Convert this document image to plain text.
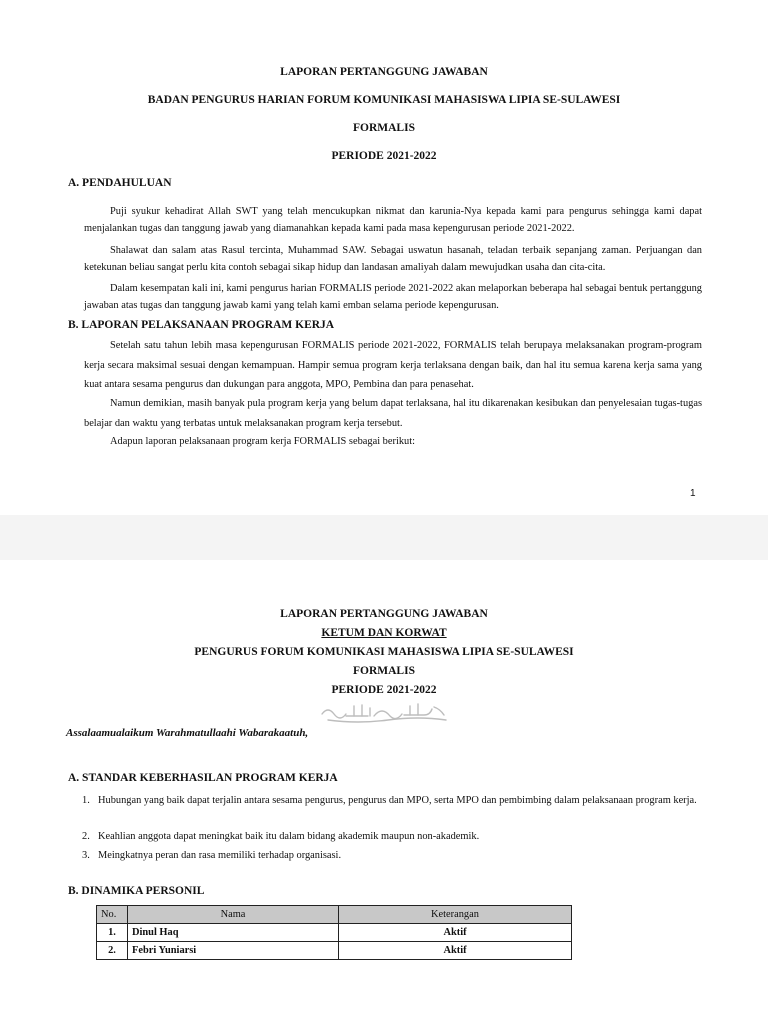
LAPORAN PERTANGGUNG JAWABAN
BADAN PENGURUS HARIAN FORUM KOMUNIKASI MAHASISWA LIPIA SE-SULAWESI
FORMALIS
PERIODE 2021-2022
A. PENDAHULUAN
Puji syukur kehadirat Allah SWT yang telah mencukupkan nikmat dan karunia-Nya kepada kami para pengurus sehingga kami dapat menjalankan tugas dan tanggung jawab yang diamanahkan kepada kami pada masa kepengurusan periode 2021-2022.
Shalawat dan salam atas Rasul tercinta, Muhammad SAW. Sebagai uswatun hasanah, teladan terbaik sepanjang zaman. Perjuangan dan ketekunan beliau sangat perlu kita contoh sebagai sikap hidup dan landasan amaliyah dalam mewujudkan usaha dan cita-cita.
Dalam kesempatan kali ini, kami pengurus harian FORMALIS periode 2021-2022 akan melaporkan beberapa hal sebagai bentuk pertanggung jawaban atas tugas dan tanggung jawab kami yang telah kami emban selama periode kepengurusan.
B. LAPORAN PELAKSANAAN PROGRAM KERJA
Setelah satu tahun lebih masa kepengurusan FORMALIS periode 2021-2022, FORMALIS telah berupaya melaksanakan program-program kerja secara maksimal sesuai dengan kemampuan. Hampir semua program kerja terlaksana dengan baik, dan hal itu semua karena kerja sama yang kuat antara sesama pengurus dan dukungan para anggota, MPO, Pembina dan para penasehat.
Namun demikian, masih banyak pula program kerja yang belum dapat terlaksana, hal itu dikarenakan kesibukan dan penyelesaian tugas-tugas belajar dan waktu yang terbatas untuk melaksanakan program kerja tersebut.
Adapun laporan pelaksanaan program kerja FORMALIS sebagai berikut:
1
LAPORAN PERTANGGUNG JAWABAN
KETUM DAN KORWAT
PENGURUS FORUM KOMUNIKASI MAHASISWA LIPIA SE-SULAWESI
FORMALIS
PERIODE 2021-2022
Assalaamualaikum Warahmatullaahi Wabarakaatuh,
A. STANDAR KEBERHASILAN PROGRAM KERJA
1. Hubungan yang baik dapat terjalin antara sesama pengurus, pengurus dan MPO, serta MPO dan pembimbing dalam pelaksanaan program kerja.
2. Keahlian anggota dapat meningkat baik itu dalam bidang akademik maupun non-akademik.
3. Meingkatnya peran dan rasa memiliki terhadap organisasi.
B. DINAMIKA PERSONIL
No.	Nama	Keterangan
1.	Dinul Haq	Aktif
2.	Febri Yuniarsi	Aktif
